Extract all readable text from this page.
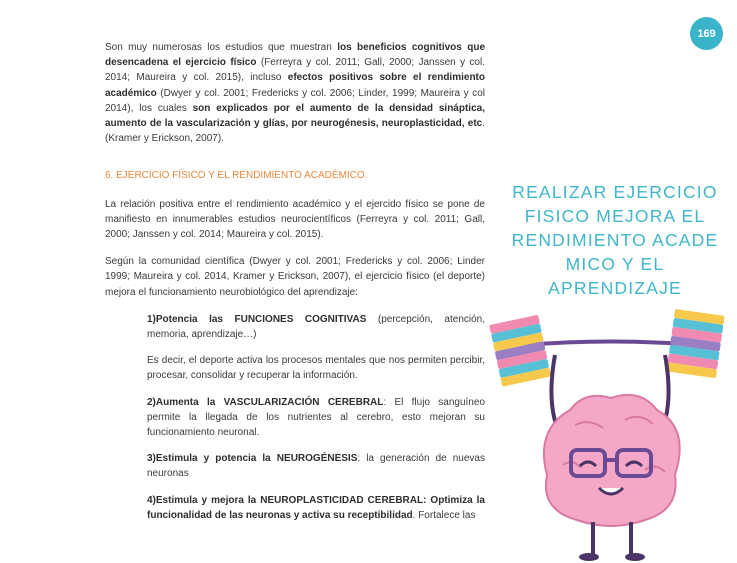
169

Son muy numerosas los estudios que muestran los beneficios cognitivos que desencadena el ejercicio físico (Ferreyra y col. 2011; Gall, 2000; Janssen y col. 2014; Maureira y col. 2015), incluso efectos positivos sobre el rendimiento académico (Dwyer y col. 2001; Fredericks y col. 2006; Linder, 1999; Maureira y col 2014), los cuales son explicados por el aumento de la densidad sináptica, aumento de la vascularización y glías, por neurogénesis, neuroplasticidad, etc. (Kramer y Erickson, 2007).

6. EJERCICIO FÍSICO Y EL RENDIMIENTO ACADÉMICO.

La relación positiva entre el rendimiento académico y el ejercido físico se pone de manifiesto en innumerables estudios neurocientíficos (Ferreyra y col. 2011; Gall, 2000; Janssen y col. 2014; Maureira y col. 2015).

Según la comunidad científica (Dwyer y col. 2001; Fredericks y col. 2006; Linder 1999; Maureira y col. 2014, Kramer y Erickson, 2007), el ejercicio físico (el deporte) mejora el funcionamiento neurobiológico del aprendizaje:

1)Potencia las FUNCIONES COGNITIVAS (percepción, atención, memoria, aprendizaje…)

Es decir, el deporte activa los procesos mentales que nos permiten percibir, procesar, consolidar y recuperar la información.

2)Aumenta la VASCULARIZACIÓN CEREBRAL: El flujo sanguíneo permite la llegada de los nutrientes al cerebro, esto mejoran su funcionamiento neuronal.

3)Estimula y potencia la NEUROGÉNESIS: la generación de nuevas neuronas

4)Estimula y mejora la NEUROPLASTICIDAD CEREBRAL: Optimiza la funcionalidad de las neuronas y activa su receptibilidad. Fortalece las

REALIZAR EJERCICIO FISICO MEJORA EL RENDIMIENTO ACADE MICO Y EL APRENDIZAJE
